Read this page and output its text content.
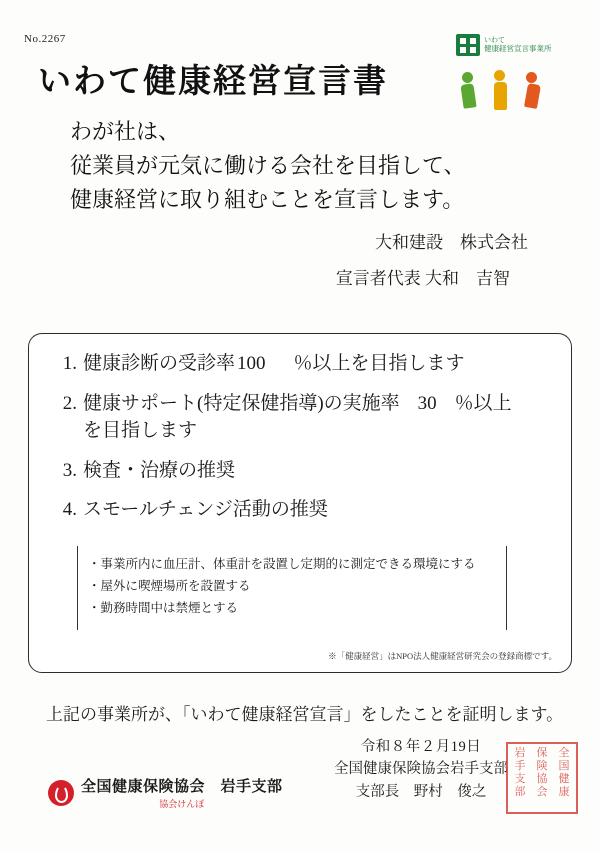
No.2267
いわて健康経営宣言書
いわて
健康経営宣言事業所
わが社は、
従業員が元気に働ける会社を目指して、
健康経営に取り組むことを宣言します。
大和建設　株式会社
宣言者代表 大和　吉智
1. 健康診断の受診率 100 ％以上を目指します
2. 健康サポート(特定保健指導)の実施率 30 ％以上
を目指します
3. 検査・治療の推奨
4. スモールチェンジ活動の推奨
・事業所内に血圧計、体重計を設置し定期的に測定できる環境にする
・屋外に喫煙場所を設置する
・勤務時間中は禁煙とする
※「健康経営」はNPO法人健康経営研究会の登録商標です。
上記の事業所が、「いわて健康経営宣言」をしたことを証明します。
令和８年２月19日
全国健康保険協会岩手支部
支部長　野村　俊之
岩
手
支
部
保
険
協
会
全
国
健
康
全国健康保険協会　岩手支部
協会けんぽ
